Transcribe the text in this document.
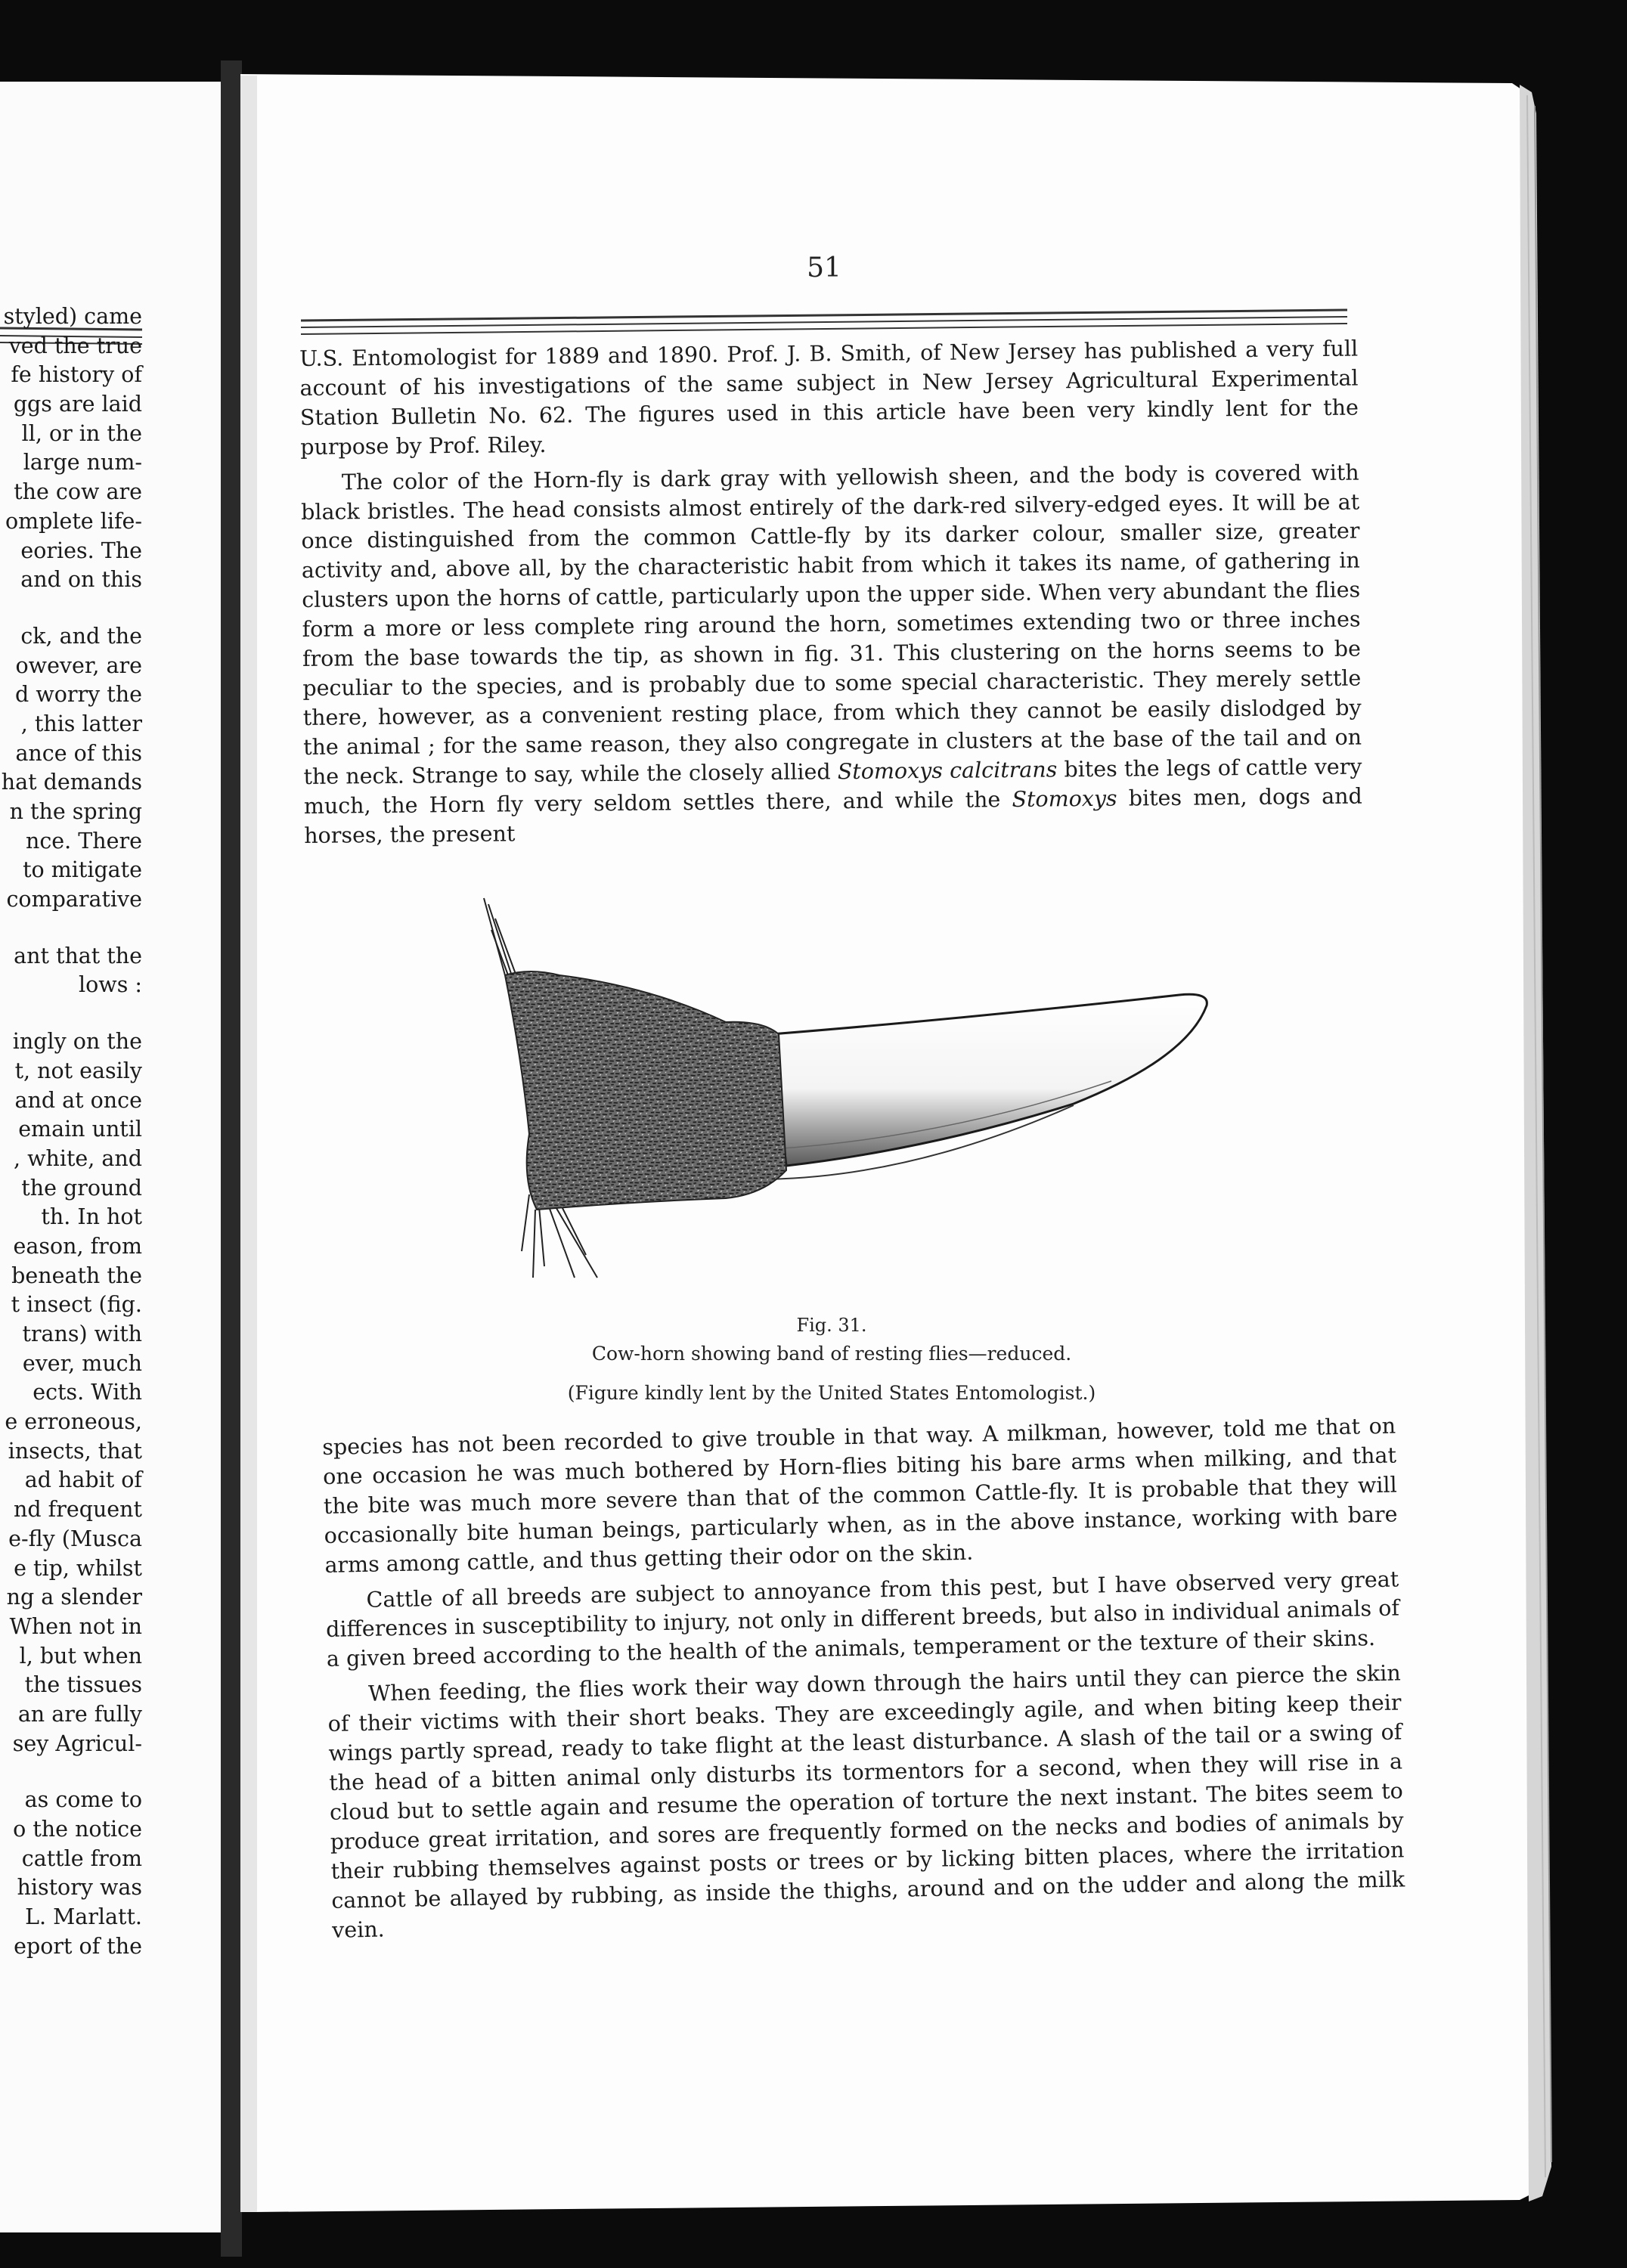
styled) came
ved the true
fe history of
ggs are laid
ll, or in the
large num-
the cow are
omplete life-
eories. The
and on this
ck, and the
owever, are
d worry the
, this latter
ance of this
hat demands
n the spring
nce. There
to mitigate
comparative
ant that the
lows :
ingly on the
t, not easily
and at once
emain until
, white, and
the ground
th. In hot
eason, from
beneath the
t insect (fig.
trans) with
ever, much
ects. With
e erroneous,
insects, that
ad habit of
nd frequent
e-fly (Musca
e tip, whilst
ng a slender
When not in
l, but when
the tissues
an are fully
sey Agricul-
as come to
o the notice
cattle from
history was
L. Marlatt.
eport of the
51

U.S. Entomologist for 1889 and 1890. Prof. J. B. Smith, of New Jersey has published a very full account of his investigations of the same subject in New Jersey Agricultural Experimental Station Bulletin No. 62. The figures used in this article have been very kindly lent for the purpose by Prof. Riley.

The color of the Horn-fly is dark gray with yellowish sheen, and the body is covered with black bristles. The head consists almost entirely of the dark-red silvery-edged eyes. It will be at once distinguished from the common Cattle-fly by its darker colour, smaller size, greater activity and, above all, by the characteristic habit from which it takes its name, of gathering in clusters upon the horns of cattle, particularly upon the upper side. When very abundant the flies form a more or less complete ring around the horn, sometimes extending two or three inches from the base towards the tip, as shown in fig. 31. This clustering on the horns seems to be peculiar to the species, and is probably due to some special characteristic. They merely settle there, however, as a convenient resting place, from which they cannot be easily dislodged by the animal ; for the same reason, they also congregate in clusters at the base of the tail and on the neck. Strange to say, while the closely allied Stomoxys calcitrans bites the legs of cattle very much, the Horn fly very seldom settles there, and while the Stomoxys bites men, dogs and horses, the present

Fig. 31.
Cow-horn showing band of resting flies—reduced.
(Figure kindly lent by the United States Entomologist.)

species has not been recorded to give trouble in that way. A milkman, however, told me that on one occasion he was much bothered by Horn-flies biting his bare arms when milking, and that the bite was much more severe than that of the common Cattle-fly. It is probable that they will occasionally bite human beings, particularly when, as in the above instance, working with bare arms among cattle, and thus getting their odor on the skin.

Cattle of all breeds are subject to annoyance from this pest, but I have observed very great differences in susceptibility to injury, not only in different breeds, but also in individual animals of a given breed according to the health of the animals, temperament or the texture of their skins.

When feeding, the flies work their way down through the hairs until they can pierce the skin of their victims with their short beaks. They are exceedingly agile, and when biting keep their wings partly spread, ready to take flight at the least disturbance. A slash of the tail or a swing of the head of a bitten animal only disturbs its tormentors for a second, when they will rise in a cloud but to settle again and resume the operation of torture the next instant. The bites seem to produce great irritation, and sores are frequently formed on the necks and bodies of animals by their rubbing themselves against posts or trees or by licking bitten places, where the irritation cannot be allayed by rubbing, as inside the thighs, around and on the udder and along the milk vein.
